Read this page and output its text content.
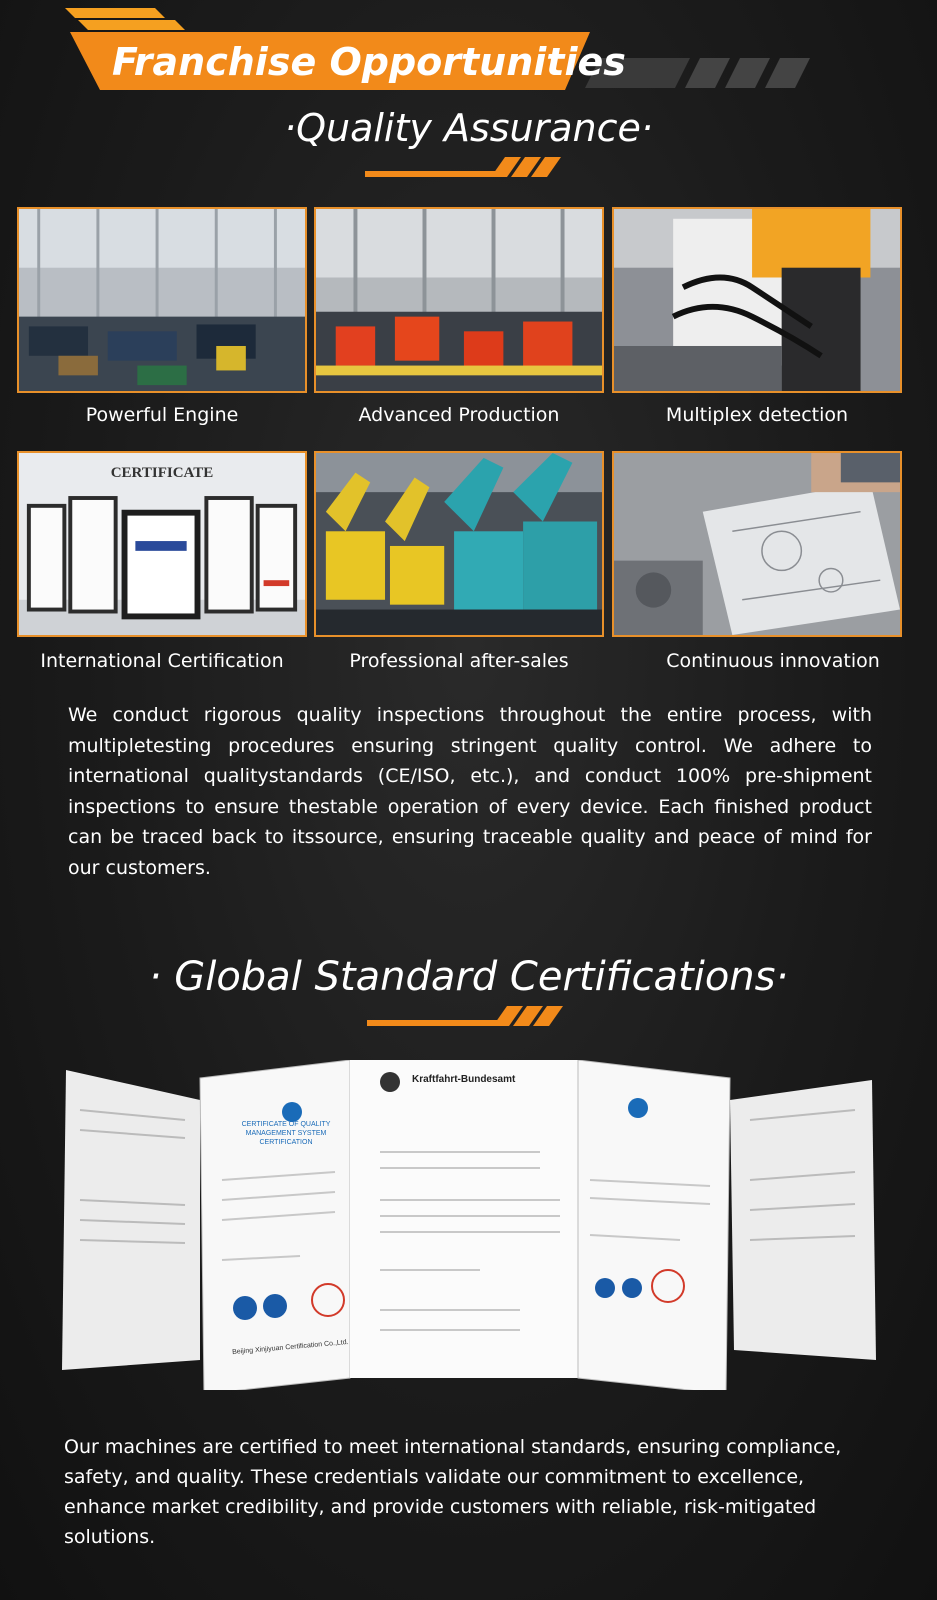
Franchise Opportunities
·Quality Assurance·
Powerful Engine	Advanced Production	Multiplex detection
CERTIFICATE
International Certification	Professional after-sales	Continuous innovation
We conduct rigorous quality inspections throughout the entire process, with multipletesting procedures ensuring stringent quality control. We adhere to international qualitystandards (CE/ISO, etc.), and conduct 100% pre-shipment inspections to ensure thestable operation of every device. Each finished product can be traced back to itssource, ensuring traceable quality and peace of mind for our customers.
· Global Standard Certifications·
Kraftfahrt-Bundesamt
CERTIFICATE OF QUALITY MANAGEMENT SYSTEM CERTIFICATION
Beijing Xinjiyuan Certification Co.,Ltd.
Our machines are certified to meet international standards, ensuring compliance, safety, and quality. These credentials validate our commitment to excellence, enhance market credibility, and provide customers with reliable, risk-mitigated solutions.
